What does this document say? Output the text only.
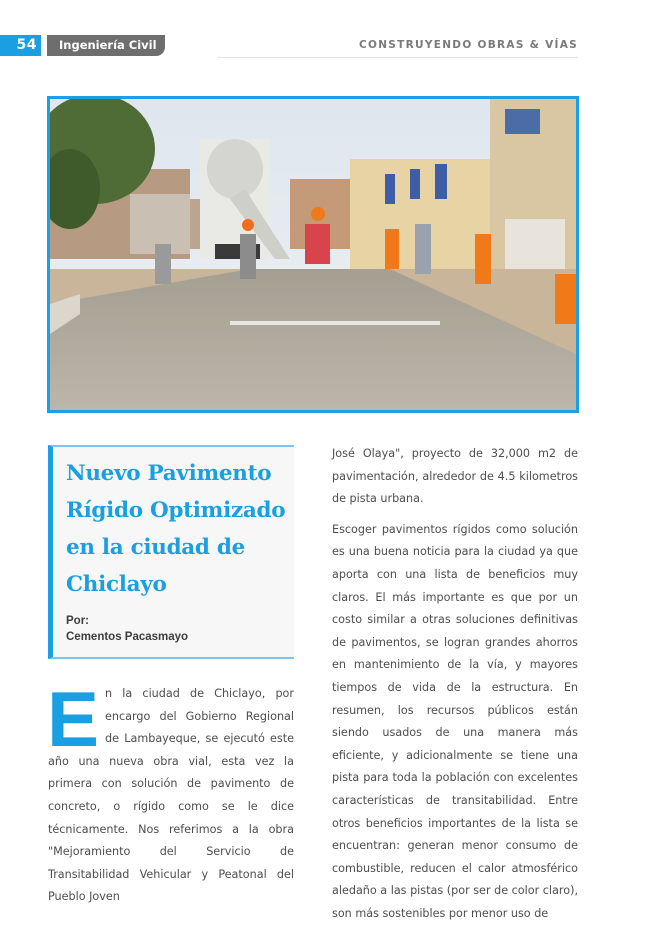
54	Ingeniería Civil	CONSTRUYENDO OBRAS & VÍAS
Nuevo Pavimento Rígido Optimizado en la ciudad de Chiclayo
Por:
Cementos Pacasmayo

En la ciudad de Chiclayo, por encargo del Gobierno Regional de Lambayeque, se ejecutó este año una nueva obra vial, esta vez la primera con solución de pavimento de concreto, o rígido como se le dice técnicamente. Nos referimos a la obra "Mejoramiento del Servicio de Transitabilidad Vehicular y Peatonal del Pueblo Joven

José Olaya", proyecto de 32,000 m2 de pavimentación, alrededor de 4.5 kilometros de pista urbana.

Escoger pavimentos rígidos como solución es una buena noticia para la ciudad ya que aporta con una lista de beneficios muy claros. El más importante es que por un costo similar a otras soluciones definitivas de pavimentos, se logran grandes ahorros en mantenimiento de la vía, y mayores tiempos de vida de la estructura. En resumen, los recursos públicos están siendo usados de una manera más eficiente, y adicionalmente se tiene una pista para toda la población con excelentes características de transitabilidad. Entre otros beneficios importantes de la lista se encuentran: generan menor consumo de combustible, reducen el calor atmosférico aledaño a las pistas (por ser de color claro), son más sostenibles por menor uso de
